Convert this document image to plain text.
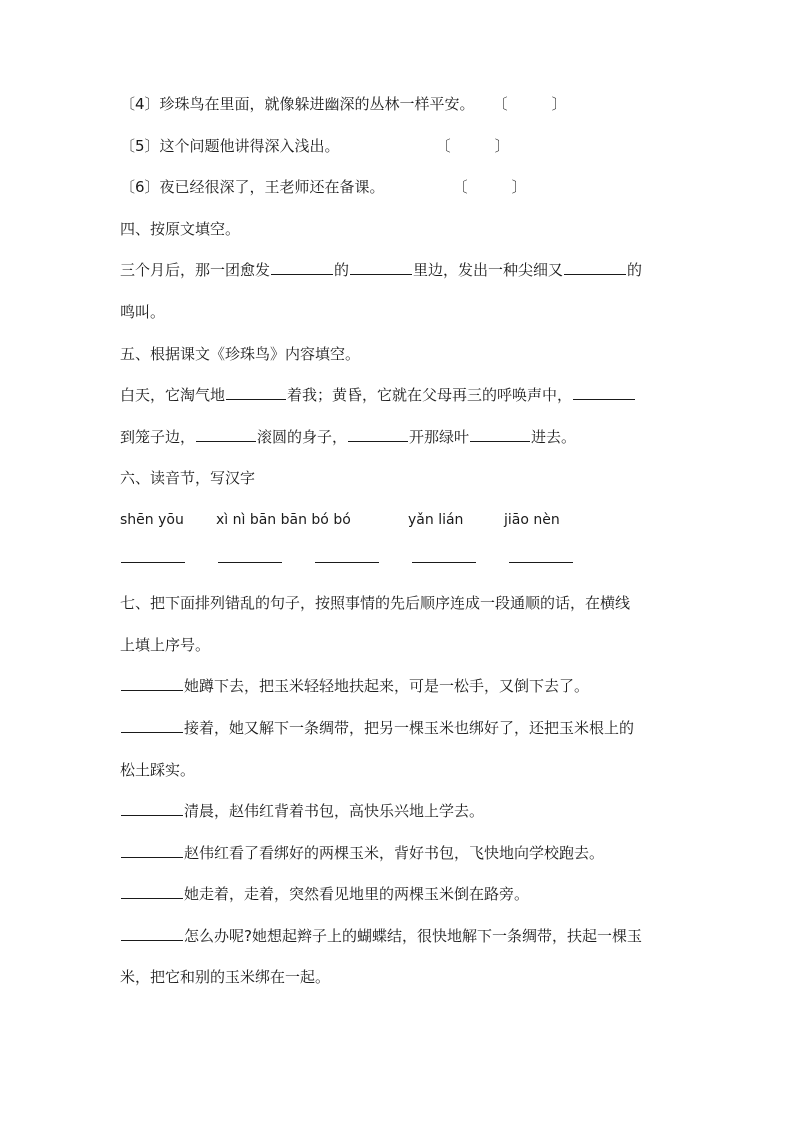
〔4〕珍珠鸟在里面，就像躲进幽深的丛林一样平安。 〔	〕
〔5〕这个问题他讲得深入浅出。	〔	〕
〔6〕夜已经很深了，王老师还在备课。	〔	〕
四、按原文填空。
三个月后，那一团愈发	的	里边，发出一种尖细又	的
鸣叫。
五、根据课文《珍珠鸟》内容填空。
白天，它淘气地	着我；黄昏，它就在父母再三的呼唤声中，
到笼子边，	滚圆的身子，	开那绿叶	进去。
六、读音节，写汉字
shēn yōu xì nì bān bān bó bó	yǎn lián	jiāo nèn
七、把下面排列错乱的句子，按照事情的先后顺序连成一段通顺的话，在横线
上填上序号。
她蹲下去，把玉米轻轻地扶起来，可是一松手，又倒下去了。
接着，她又解下一条绸带，把另一棵玉米也绑好了，还把玉米根上的
松土踩实。
清晨，赵伟红背着书包，高快乐兴地上学去。
赵伟红看了看绑好的两棵玉米，背好书包，飞快地向学校跑去。
她走着，走着，突然看见地里的两棵玉米倒在路旁。
怎么办呢?她想起辫子上的蝴蝶结，很快地解下一条绸带，扶起一棵玉
米，把它和别的玉米绑在一起。
